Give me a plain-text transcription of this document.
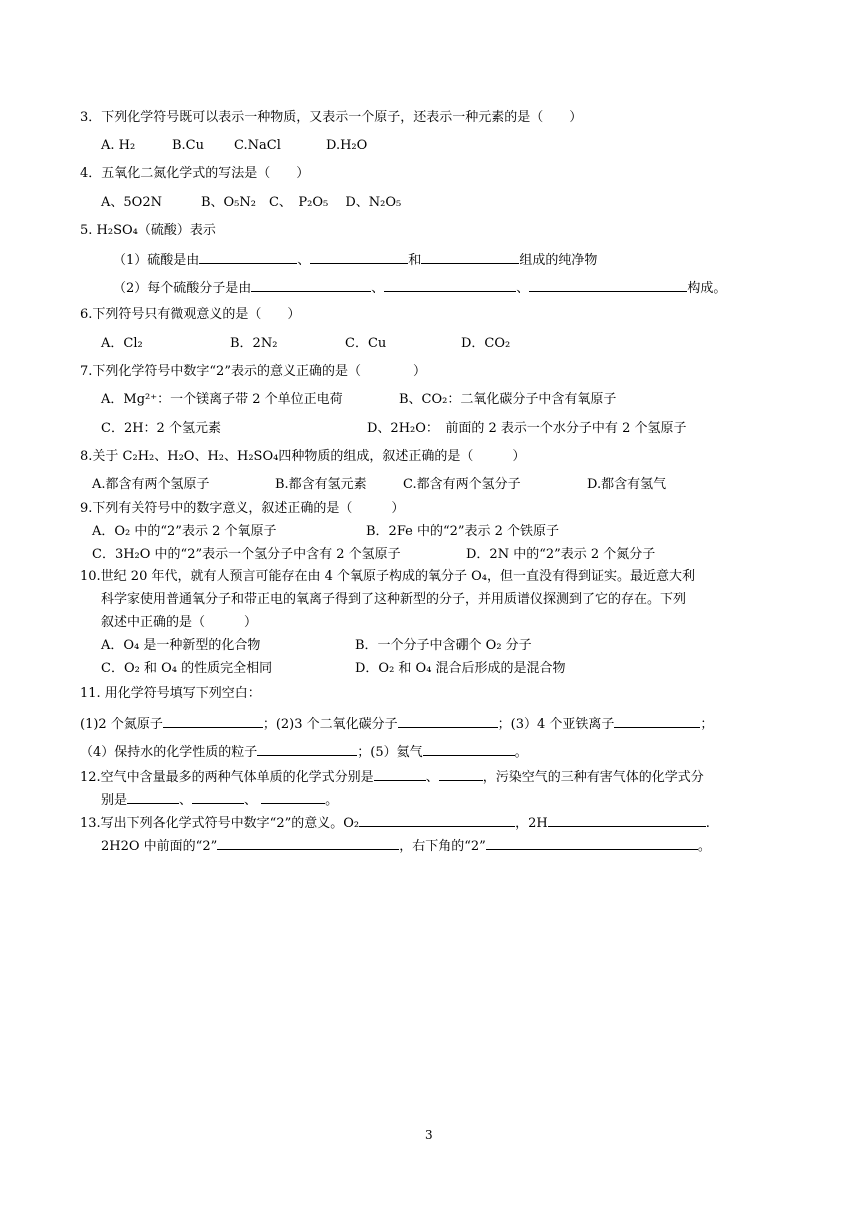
3．下列化学符号既可以表示一种物质，又表示一个原子，还表示一种元素的是（　　）
A. H₂	B.Cu C.NaCl	D.H₂O
4．五氧化二氮化学式的写法是（　　）
A、5O2N　　　B、O₅N₂　C、　P₂O₅　 D、N₂O₅
5. H₂SO₄（硫酸）表示
（1）硫酸是由	、	和	组成的纯净物
（2）每个硫酸分子是由	、	、	构成。
6.下列符号只有微观意义的是（　　）
A．Cl₂	B．2N₂	C．Cu	D．CO₂
7.下列化学符号中数字“2”表示的意义正确的是（　　　　）
A．Mg²⁺：一个镁离子带 2 个单位正电荷	B、CO₂：二氧化碳分子中含有氧原子
C．2H：2 个氢元素	D、2H₂O：　前面的 2 表示一个水分子中有 2 个氢原子
8.关于 C₂H₂、H₂O、H₂、H₂SO₄四种物质的组成，叙述正确的是（　　　）
A.都含有两个氢原子	B.都含有氢元素	C.都含有两个氢分子	D.都含有氢气
9.下列有关符号中的数字意义，叙述正确的是（　　　）
A．O₂ 中的“2”表示 2 个氧原子	B．2Fe 中的“2”表示 2 个铁原子
C．3H₂O 中的“2”表示一个氢分子中含有 2 个氢原子	D．2N 中的“2”表示 2 个氮分子
10.世纪 20 年代，就有人预言可能存在由 4 个氧原子构成的氧分子 O₄，但一直没有得到证实。最近意大利
科学家使用普通氧分子和带正电的氧离子得到了这种新型的分子，并用质谱仪探测到了它的存在。下列
叙述中正确的是（　　　）
A．O₄ 是一种新型的化合物	B．一个分子中含硼个 O₂ 分子
C．O₂ 和 O₄ 的性质完全相同	D．O₂ 和 O₄ 混合后形成的是混合物
11. 用化学符号填写下列空白：
(1)2 个氮原子	；(2)3 个二氧化碳分子	；(3）4 个亚铁离子	；
（4）保持水的化学性质的粒子	；(5）氦气	。
12.空气中含量最多的两种气体单质的化学式分别是	、	，污染空气的三种有害气体的化学式分
别是	、	、	。
13.写出下列各化学式符号中数字“2”的意义。O₂	，2H	.
2H2O 中前面的“2”	，右下角的“2”	。
3
